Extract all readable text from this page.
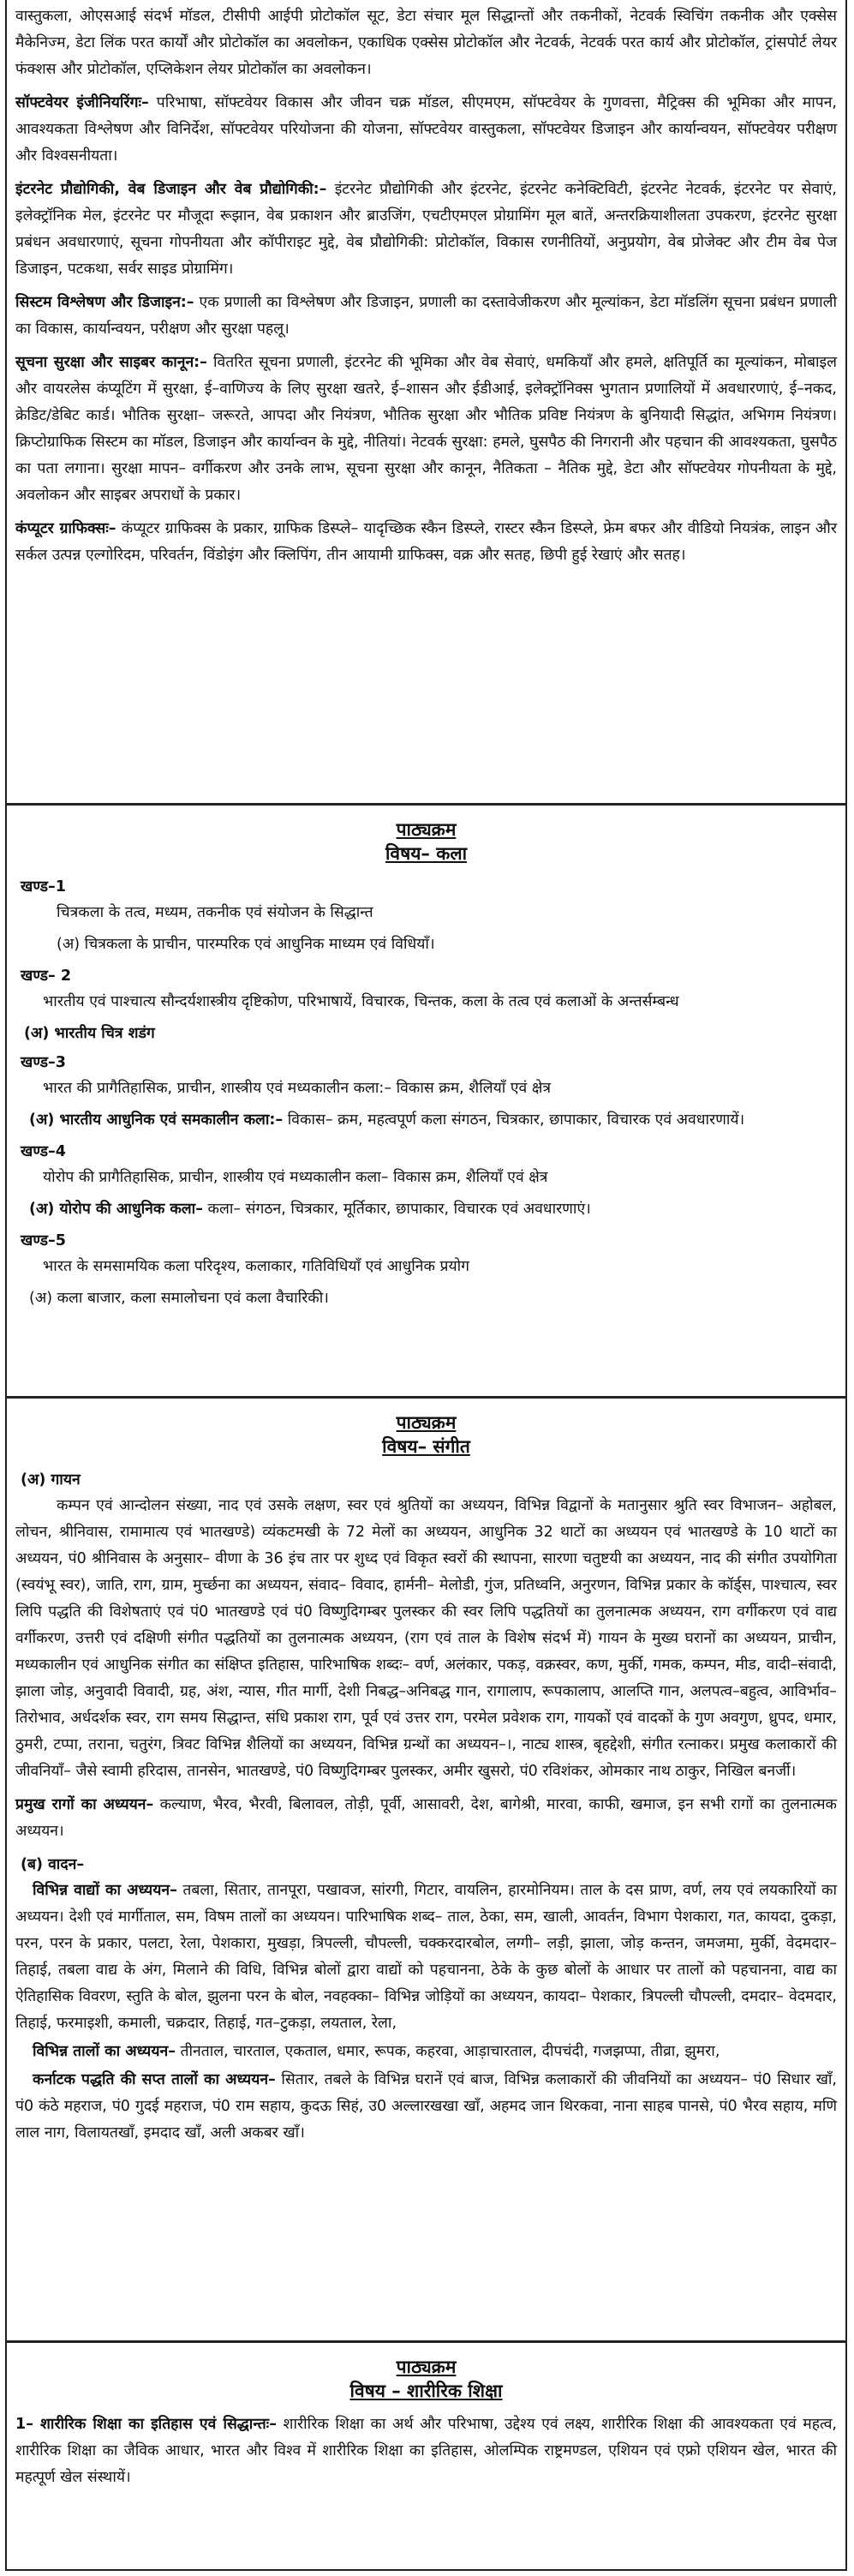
वास्तुकला, ओएसआई संदर्भ मॉडल, टीसीपी आईपी प्रोटोकॉल सूट, डेटा संचार मूल सिद्धान्तों और तकनीकों, नेटवर्क स्विचिंग तकनीक और एक्सेस मैकेनिज्म, डेटा लिंक परत कार्यों और प्रोटोकॉल का अवलोकन, एकाधिक एक्सेस प्रोटोकॉल और नेटवर्क, नेटवर्क परत कार्य और प्रोटोकॉल, ट्रांसपोर्ट लेयर फंक्शस और प्रोटोकॉल, एप्लिकेशन लेयर प्रोटोकॉल का अवलोकन।

सॉफ्टवेयर इंजीनियरिंगः– परिभाषा, सॉफ्टवेयर विकास और जीवन चक्र मॉडल, सीएमएम, सॉफ्टवेयर के गुणवत्ता, मैट्रिक्स की भूमिका और मापन, आवश्यकता विश्लेषण और विनिर्देश, सॉफ्टवेयर परियोजना की योजना, सॉफ्टवेयर वास्तुकला, सॉफ्टवेयर डिजाइन और कार्यान्वयन, सॉफ्टवेयर परीक्षण और विश्वसनीयता।

इंटरनेट प्रौद्योगिकी, वेब डिजाइन और वेब प्रौद्योगिकी:– इंटरनेट प्रौद्योगिकी और इंटरनेट, इंटरनेट कनेक्टिविटी, इंटरनेट नेटवर्क, इंटरनेट पर सेवाएं, इलेक्ट्रॉनिक मेल, इंटरनेट पर मौजूदा रूझान, वेब प्रकाशन और ब्राउजिंग, एचटीएमएल प्रोग्रामिंग मूल बातें, अन्तरक्रियाशीलता उपकरण, इंटरनेट सुरक्षा प्रबंधन अवधारणाएं, सूचना गोपनीयता और कॉपीराइट मुद्दे, वेब प्रौद्योगिकी: प्रोटोकॉल, विकास रणनीतियों, अनुप्रयोग, वेब प्रोजेक्ट और टीम वेब पेज डिजाइन, पटकथा, सर्वर साइड प्रोग्रामिंग।

सिस्टम विश्लेषण और डिजाइन:– एक प्रणाली का विश्लेषण और डिजाइन, प्रणाली का दस्तावेजीकरण और मूल्यांकन, डेटा मॉडलिंग सूचना प्रबंधन प्रणाली का विकास, कार्यान्वयन, परीक्षण और सुरक्षा पहलू।

सूचना सुरक्षा और साइबर कानून:– वितरित सूचना प्रणाली, इंटरनेट की भूमिका और वेब सेवाएं, धमकियॉं और हमले, क्षतिपूर्ति का मूल्यांकन, मोबाइल और वायरलेस कंप्यूटिंग में सुरक्षा, ई–वाणिज्य के लिए सुरक्षा खतरे, ई–शासन और ईडीआई, इलेक्ट्रॉनिक्स भुगतान प्रणालियों में अवधारणाएं, ई–नकद, क्रेडिट/डेबिट कार्ड। भौतिक सुरक्षा– जरूरते, आपदा और नियंत्रण, भौतिक सुरक्षा और भौतिक प्रविष्ट नियंत्रण के बुनियादी सिद्धांत, अभिगम नियंत्रण। क्रिप्टोग्राफिक सिस्टम का मॉडल, डिजाइन और कार्यान्वन के मुद्दे, नीतियां। नेटवर्क सुरक्षा: हमले, घुसपैठ की निगरानी और पहचान की आवश्यकता, घुसपैठ का पता लगाना। सुरक्षा मापन– वर्गीकरण और उनके लाभ, सूचना सुरक्षा और कानून, नैतिकता – नैतिक मुद्दे, डेटा और सॉफ्टवेयर गोपनीयता के मुद्दे, अवलोकन और साइबर अपराधों के प्रकार।

कंप्यूटर ग्राफिक्सः– कंप्यूटर ग्राफिक्स के प्रकार, ग्राफिक डिस्प्ले– यादृच्छिक स्कैन डिस्प्ले, रास्टर स्कैन डिस्प्ले, फ्रेम बफर और वीडियो नियत्रंक, लाइन और सर्कल उत्पन्न एल्गोरिदम, परिवर्तन, विंडोइंग और क्लिपिंग, तीन आयामी ग्राफिक्स, वक्र और सतह, छिपी हुई रेखाएं और सतह।

पाठ्यक्रम
विषय– कला
खण्ड–1

चित्रकला के तत्व, मध्यम, तकनीक एवं संयोजन के सिद्धान्त

(अ) चित्रकला के प्राचीन, पारम्परिक एवं आधुनिक माध्यम एवं विधियॉं।

खण्ड– 2

भारतीय एवं पाश्चात्य सौन्दर्यशास्त्रीय दृष्टिकोण, परिभाषायें, विचारक, चिन्तक, कला के तत्व एवं कलाओं के अन्तर्सम्बन्ध

(अ) भारतीय चित्र शडंग
खण्ड–3

भारत की प्रागैतिहासिक, प्राचीन, शास्त्रीय एवं मध्यकालीन कला:– विकास क्रम, शैलियॉं एवं क्षेत्र

(अ) भारतीय आधुनिक एवं समकालीन कला:– विकास– क्रम, महत्वपूर्ण कला संगठन, चित्रकार, छापाकार, विचारक एवं अवधारणायें।

खण्ड–4

योरोप की प्रागैतिहासिक, प्राचीन, शास्त्रीय एवं मध्यकालीन कला– विकास क्रम, शैलियॉं एवं क्षेत्र

(अ) योरोप की आधुनिक कला– कला– संगठन, चित्रकार, मूर्तिकार, छापाकार, विचारक एवं अवधारणाएं।

खण्ड–5

भारत के समसामयिक कला परिदृश्य, कलाकार, गतिविधियॉं एवं आधुनिक प्रयोग

(अ) कला बाजार, कला समालोचना एवं कला वैचारिकी।

पाठ्यक्रम
विषय– संगीत
(अ) गायन

कम्पन एवं आन्दोलन संख्या, नाद एवं उसके लक्षण, स्वर एवं श्रुतियों का अध्ययन, विभिन्न विद्वानों के मतानुसार श्रुति स्वर विभाजन– अहोबल, लोचन, श्रीनिवास, रामामात्य एवं भातखण्डे) व्यंकटमखी के 72 मेलों का अध्ययन, आधुनिक 32 थाटों का अध्ययन एवं भातखण्डे के 10 थाटों का अध्ययन, पं0 श्रीनिवास के अनुसार– वीणा के 36 इंच तार पर शुध्द एवं विकृत स्वरों की स्थापना, सारणा चतुष्टयी का अध्ययन, नाद की संगीत उपयोगिता (स्वयंभू स्वर), जाति, राग, ग्राम, मुर्च्छना का अध्ययन, संवाद– विवाद, हार्मनी– मेलोडी, गुंज, प्रतिध्वनि, अनुरणन, विभिन्न प्रकार के कॉर्ड्स, पाश्चात्य, स्वर लिपि पद्धति की विशेषताएं एवं पं0 भातखण्डे एवं पं0 विष्णुदिगम्बर पुलस्कर की स्वर लिपि पद्धतियों का तुलनात्मक अध्ययन, राग वर्गीकरण एवं वाद्य वर्गीकरण, उत्तरी एवं दक्षिणी संगीत पद्धतियों का तुलनात्मक अध्ययन, (राग एवं ताल के विशेष संदर्भ में) गायन के मुख्य घरानों का अध्ययन, प्राचीन, मध्यकालीन एवं आधुनिक संगीत का संक्षिप्त इतिहास, पारिभाषिक शब्दः– वर्ण, अलंकार, पकड़, वक्रस्वर, कण, मुर्की, गमक, कम्पन, मीड, वादी–संवादी, झाला जोड़, अनुवादी विवादी, ग्रह, अंश, न्यास, गीत मार्गी, देशी निबद्ध–अनिबद्ध गान, रागालाप, रूपकालाप, आलप्ति गान, अलपत्व–बहुत्व, आविर्भाव–तिरोभाव, अर्धदर्शक स्वर, राग समय सिद्धान्त, संधि प्रकाश राग, पूर्व एवं उत्तर राग, परमेल प्रवेशक राग, गायकों एवं वादकों के गुण अवगुण, ध्रुपद, धमार, ठुमरी, टप्पा, तराना, चतुरंग, त्रिवट विभिन्न शैलियों का अध्ययन, विभिन्न ग्रन्थों का अध्ययन–।, नाट्य शास्त्र, बृहद्देशी, संगीत रत्नाकर। प्रमुख कलाकारों की जीवनियॉं– जैसे स्वामी हरिदास, तानसेन, भातखण्डे, पं0 विष्णुदिगम्बर पुलस्कर, अमीर खुसरो, पं0 रविशंकर, ओमकार नाथ ठाकुर, निखिल बनर्जी।

प्रमुख रागों का अध्ययन– कल्याण, भैरव, भैरवी, बिलावल, तोड़ी, पूर्वी, आसावरी, देश, बागेश्री, मारवा, काफी, खमाज, इन सभी रागों का तुलनात्मक अध्ययन।

(ब) वादन–

विभिन्न वाद्यों का अध्ययन– तबला, सितार, तानपूरा, पखावज, सांरगी, गिटार, वायलिन, हारमोनियम। ताल के दस प्राण, वर्ण, लय एवं लयकारियों का अध्ययन। देशी एवं मार्गीताल, सम, विषम तालों का अध्ययन। पारिभाषिक शब्द– ताल, ठेका, सम, खाली, आवर्तन, विभाग पेशकारा, गत, कायदा, दुकड़ा, परन, परन के प्रकार, पलटा, रेला, पेशकारा, मुखड़ा, त्रिपल्ली, चौपल्ली, चक्करदारबोल, लग्गी– लड़ी, झाला, जोड़ कन्तन, जमजमा, मुर्की, वेदमदार– तिहाई, तबला वाद्य के अंग, मिलाने की विधि, विभिन्न बोलों द्वारा वाद्यों को पहचानना, ठेके के कुछ बोलों के आधार पर तालों को पहचानना, वाद्य का ऐतिहासिक विवरण, स्तुति के बोल, झुलना परन के बोल, नवहक्का– विभिन्न जोड़ियों का अध्ययन, कायदा– पेशकार, त्रिपल्ली चौपल्ली, दमदार– वेदमदार, तिहाई, फरमाइशी, कमाली, चक्रदार, तिहाई, गत–टुकड़ा, लयताल, रेला,

विभिन्न तालों का अध्ययन– तीनताल, चारताल, एकताल, धमार, रूपक, कहरवा, आड़ाचारताल, दीपचंदी, गजझप्पा, तीव्रा, झुमरा,

कर्नाटक पद्धति की सप्त तालों का अध्ययन– सितार, तबले के विभिन्न घरानें एवं बाज, विभिन्न कलाकारों की जीवनियों का अध्ययन– पं0 सिधार खॉं, पं0 कंठे महराज, पं0 गुदई महराज, पं0 राम सहाय, कुदऊ सिहं, उ0 अल्लारखखा खॉं, अहमद जान थिरकवा, नाना साहब पानसे, पं0 भैरव सहाय, मणि लाल नाग, विलायतखॉं, इमदाद खॉं, अली अकबर खॉं।

पाठ्यक्रम
विषय – शारीरिक शिक्षा

1– शारीरिक शिक्षा का इतिहास एवं सिद्धान्तः– शारीरिक शिक्षा का अर्थ और परिभाषा, उद्देश्य एवं लक्ष्य, शारीरिक शिक्षा की आवश्यकता एवं महत्व, शारीरिक शिक्षा का जैविक आधार, भारत और विश्व में शारीरिक शिक्षा का इतिहास, ओलम्पिक राष्ट्रमण्डल, एशियन एवं एफ्रो एशियन खेल, भारत की महत्पूर्ण खेल संस्थायें।
